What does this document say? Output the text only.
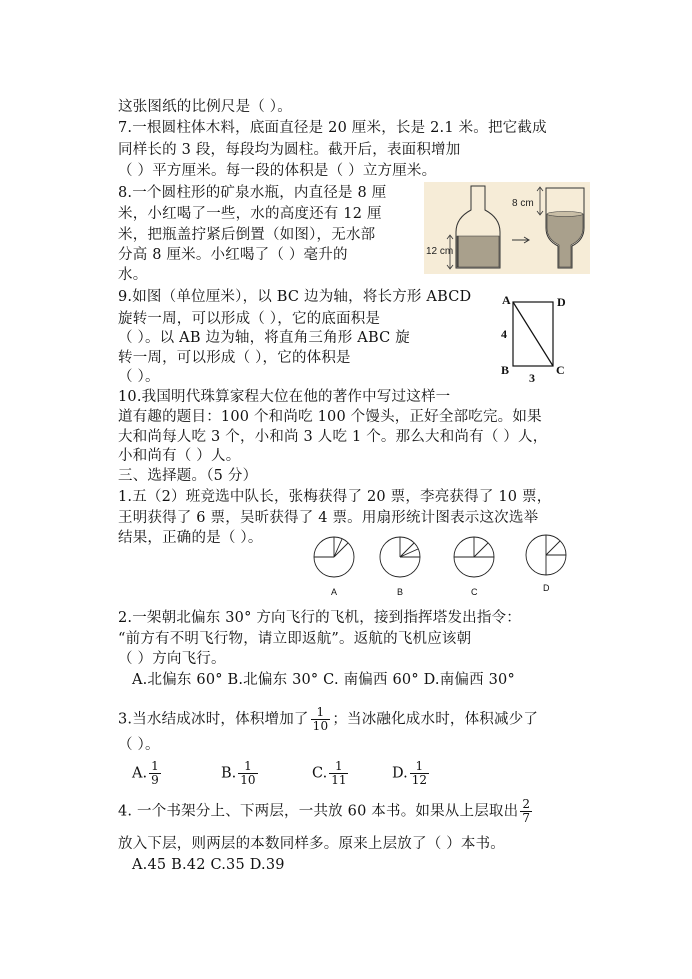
这张图纸的比例尺是（ ）。
7.一根圆柱体木料，底面直径是 20 厘米，长是 2.1 米。把它截成
同样长的 3 段，每段均为圆柱。截开后，表面积增加
（ ）平方厘米。每一段的体积是（ ）立方厘米。
8.一个圆柱形的矿泉水瓶，内直径是 8 厘
米，小红喝了一些，水的高度还有 12 厘
米，把瓶盖拧紧后倒置（如图），无水部
分高 8 厘米。小红喝了（ ）毫升的
水。
12 cm
8 cm
9.如图（单位厘米），以 BC 边为轴，将长方形 ABCD
旋转一周，可以形成（ ），它的底面积是
（ ）。以 AB 边为轴，将直角三角形 ABC 旋
转一周，可以形成（ ），它的体积是
（ ）。
A	D
B	C
4
3
10.我国明代珠算家程大位在他的著作中写过这样一
道有趣的题目：100 个和尚吃 100 个馒头，正好全部吃完。如果
大和尚每人吃 3 个，小和尚 3 人吃 1 个。那么大和尚有（ ）人，
小和尚有（ ）人。
三、选择题。（5 分）
1.五（2）班竞选中队长，张梅获得了 20 票，李亮获得了 10 票，
王明获得了 6 票，吴昕获得了 4 票。用扇形统计图表示这次选举
结果，正确的是（ ）。
A	B	C	D
2.一架朝北偏东 30° 方向飞行的飞机，接到指挥塔发出指令：
“前方有不明飞行物，请立即返航”。返航的飞机应该朝
（ ）方向飞行。
A.北偏东 60° B.北偏东 30° C. 南偏西 60° D.南偏西 30°
3.当水结成冰时，体积增加了 $\frac{1}{10}$ ；当冰融化成水时，体积减少了
（ ）。
A. $\frac{1}{9}$	B. $\frac{1}{10}$	C. $\frac{1}{11}$	D. $\frac{1}{12}$
4. 一个书架分上、下两层，一共放 60 本书。如果从上层取出 $\frac{2}{7}$
放入下层，则两层的本数同样多。原来上层放了（ ）本书。
A.45 B.42 C.35 D.39
